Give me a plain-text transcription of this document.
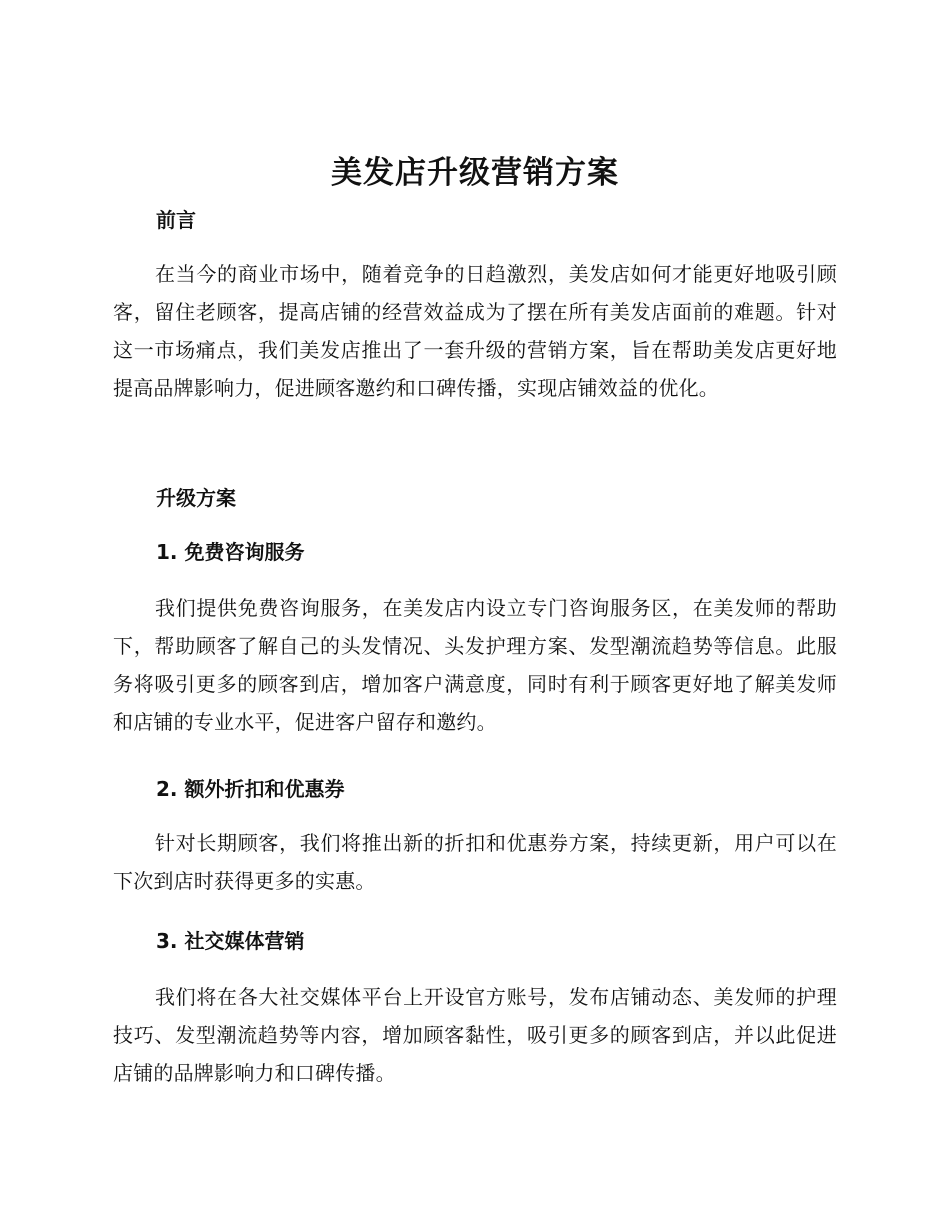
美发店升级营销方案
前言

在当今的商业市场中，随着竞争的日趋激烈，美发店如何才能更好地吸引顾客，留住老顾客，提高店铺的经营效益成为了摆在所有美发店面前的难题。针对这一市场痛点，我们美发店推出了一套升级的营销方案，旨在帮助美发店更好地提高品牌影响力，促进顾客邀约和口碑传播，实现店铺效益的优化。

升级方案
1. 免费咨询服务

我们提供免费咨询服务，在美发店内设立专门咨询服务区，在美发师的帮助下，帮助顾客了解自己的头发情况、头发护理方案、发型潮流趋势等信息。此服务将吸引更多的顾客到店，增加客户满意度，同时有利于顾客更好地了解美发师和店铺的专业水平，促进客户留存和邀约。

2. 额外折扣和优惠券

针对长期顾客，我们将推出新的折扣和优惠券方案，持续更新，用户可以在下次到店时获得更多的实惠。

3. 社交媒体营销

我们将在各大社交媒体平台上开设官方账号，发布店铺动态、美发师的护理技巧、发型潮流趋势等内容，增加顾客黏性，吸引更多的顾客到店，并以此促进店铺的品牌影响力和口碑传播。
